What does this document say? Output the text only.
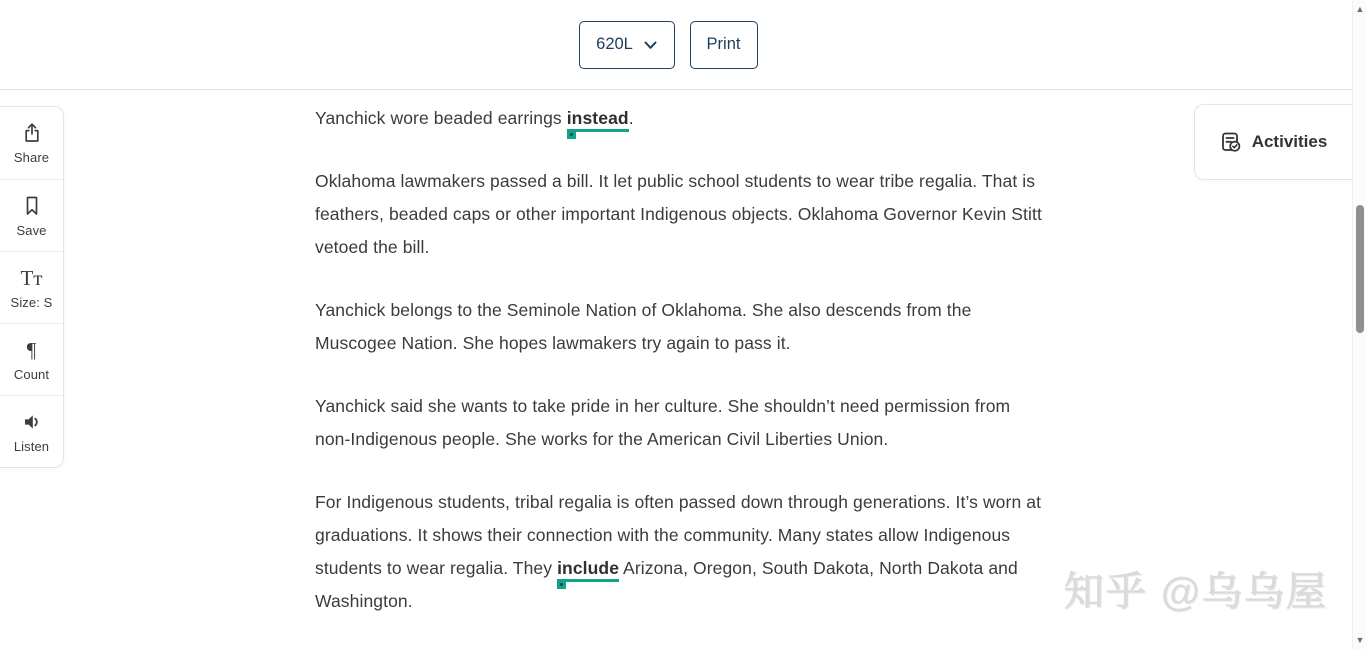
620L	Print
Share
Save
Tᴛ
Size: S
¶
Count
Listen

Yanchick wore beaded earrings instead
.

Oklahoma lawmakers passed a bill. It let public school students to wear tribe regalia. That is feathers, beaded caps or other important Indigenous objects. Oklahoma Governor Kevin Stitt vetoed the bill.

Yanchick belongs to the Seminole Nation of Oklahoma. She also descends from the Muscogee Nation. She hopes lawmakers try again to pass it.

Yanchick said she wants to take pride in her culture. She shouldn’t need permission from non-Indigenous people. She works for the American Civil Liberties Union.

For Indigenous students, tribal regalia is often passed down through generations. It’s worn at graduations. It shows their connection with the community. Many states allow Indigenous students to wear regalia. They include
Arizona, Oregon, South Dakota, North Dakota and Washington.

Activities
知乎 @乌乌屋
▲
▼
